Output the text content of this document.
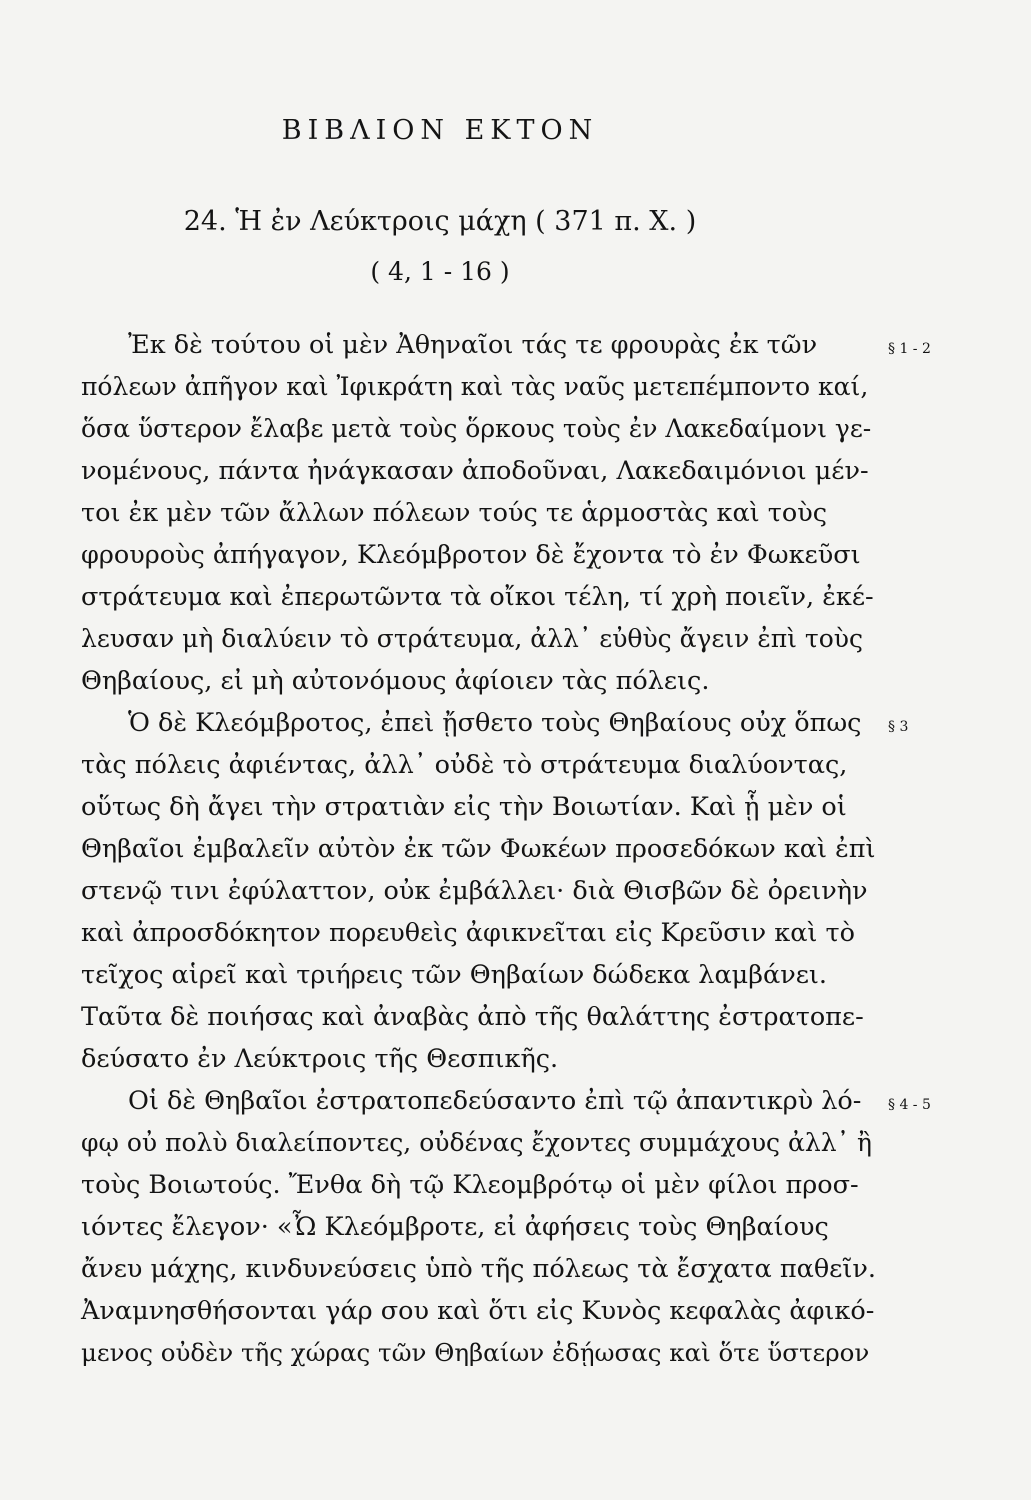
ΒΙΒΛΙΟΝ ΕΚΤΟΝ
24. Ἡ ἐν Λεύκτροις μάχη ( 371 π. Χ. )
( 4, 1 - 16 )
Ἐκ δὲ τούτου οἱ μὲν Ἀθηναῖοι τάς τε φρουρὰς ἐκ τῶν
πόλεων ἀπῆγον καὶ Ἰφικράτη καὶ τὰς ναῦς μετεπέμποντο καί,
ὅσα ὕστερον ἔλαβε μετὰ τοὺς ὅρκους τοὺς ἐν Λακεδαίμονι γε-
νομένους, πάντα ἠνάγκασαν ἀποδοῦναι, Λακεδαιμόνιοι μέν-
τοι ἐκ μὲν τῶν ἄλλων πόλεων τούς τε ἁρμοστὰς καὶ τοὺς
φρουροὺς ἀπήγαγον, Κλεόμβροτον δὲ ἔχοντα τὸ ἐν Φωκεῦσι
στράτευμα καὶ ἐπερωτῶντα τὰ οἴκοι τέλη, τί χρὴ ποιεῖν, ἐκέ-
λευσαν μὴ διαλύειν τὸ στράτευμα, ἀλλ᾽ εὐθὺς ἄγειν ἐπὶ τοὺς
Θηβαίους, εἰ μὴ αὐτονόμους ἀφίοιεν τὰς πόλεις.
Ὁ δὲ Κλεόμβροτος, ἐπεὶ ᾔσθετο τοὺς Θηβαίους οὐχ ὅπως
τὰς πόλεις ἀφιέντας, ἀλλ᾽ οὐδὲ τὸ στράτευμα διαλύοντας,
οὕτως δὴ ἄγει τὴν στρατιὰν εἰς τὴν Βοιωτίαν. Καὶ ᾗ μὲν οἱ
Θηβαῖοι ἐμβαλεῖν αὐτὸν ἐκ τῶν Φωκέων προσεδόκων καὶ ἐπὶ
στενῷ τινι ἐφύλαττον, οὐκ ἐμβάλλει· διὰ Θισβῶν δὲ ὀρεινὴν
καὶ ἀπροσδόκητον πορευθεὶς ἀφικνεῖται εἰς Κρεῦσιν καὶ τὸ
τεῖχος αἱρεῖ καὶ τριήρεις τῶν Θηβαίων δώδεκα λαμβάνει.
Ταῦτα δὲ ποιήσας καὶ ἀναβὰς ἀπὸ τῆς θαλάττης ἐστρατοπε-
δεύσατο ἐν Λεύκτροις τῆς Θεσπικῆς.
Οἱ δὲ Θηβαῖοι ἐστρατοπεδεύσαντο ἐπὶ τῷ ἀπαντικρὺ λό-
φῳ οὐ πολὺ διαλείποντες, οὐδένας ἔχοντες συμμάχους ἀλλ᾽ ἢ
τοὺς Βοιωτούς. Ἔνθα δὴ τῷ Κλεομβρότῳ οἱ μὲν φίλοι προσ-
ιόντες ἔλεγον· «Ὦ Κλεόμβροτε, εἰ ἀφήσεις τοὺς Θηβαίους
ἄνευ μάχης, κινδυνεύσεις ὑπὸ τῆς πόλεως τὰ ἔσχατα παθεῖν.
Ἀναμνησθήσονται γάρ σου καὶ ὅτι εἰς Κυνὸς κεφαλὰς ἀφικό-
μενος οὐδὲν τῆς χώρας τῶν Θηβαίων ἐδῄωσας καὶ ὅτε ὕστερον
§ 1 - 2
§ 3
§ 4 - 5
